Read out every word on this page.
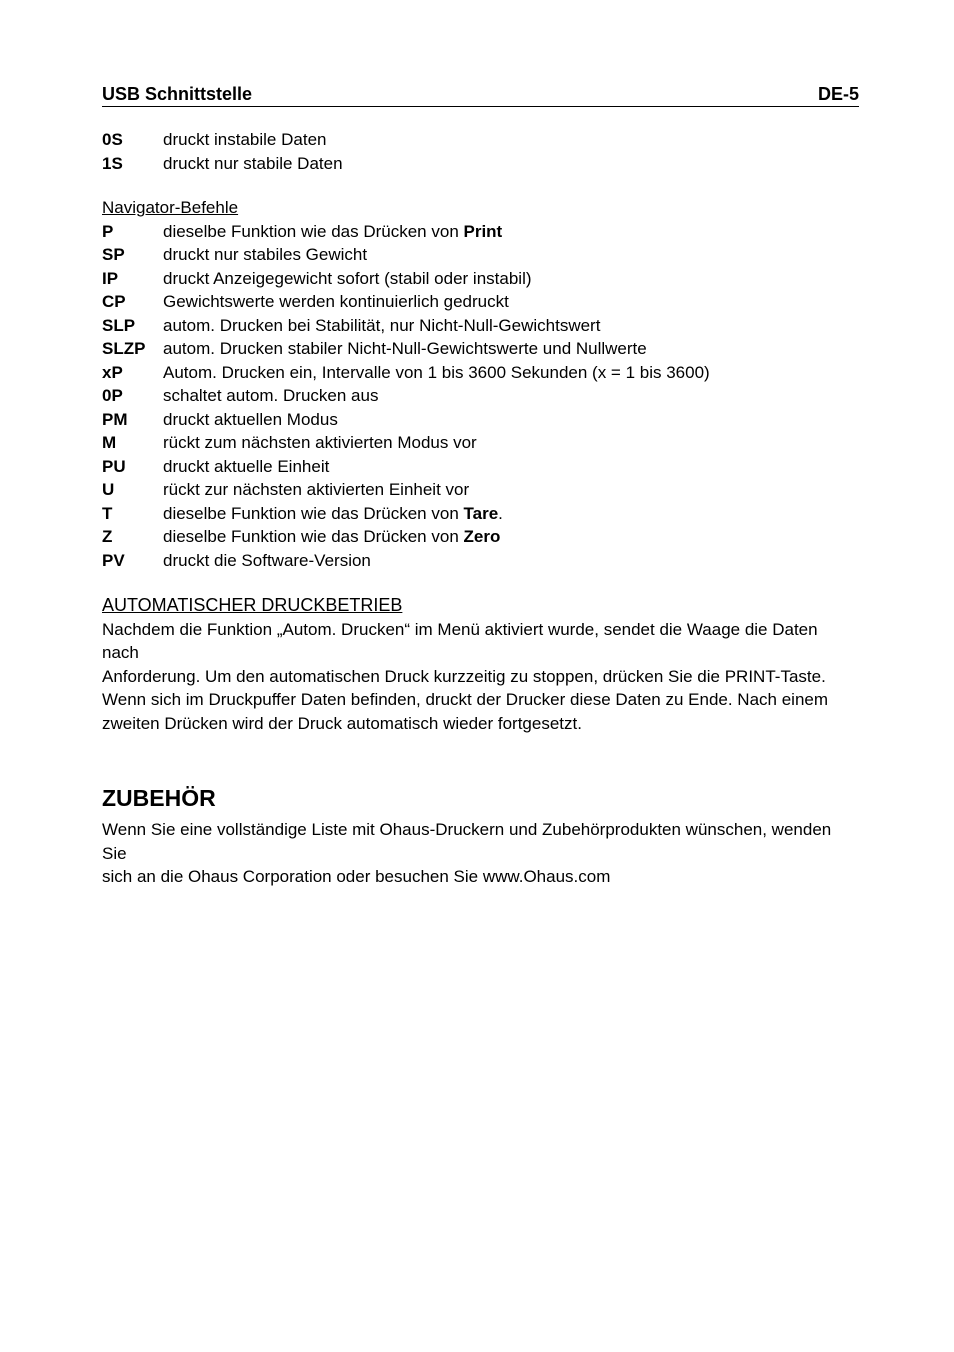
USB Schnittstelle	DE-5
0S	druckt instabile Daten
1S	druckt nur stabile Daten
Navigator-Befehle
P	dieselbe Funktion wie das Drücken von Print
SP	druckt nur stabiles Gewicht
IP	druckt Anzeigegewicht sofort (stabil oder instabil)
CP	Gewichtswerte werden kontinuierlich gedruckt
SLP	autom. Drucken bei Stabilität, nur Nicht-Null-Gewichtswert
SLZP	autom. Drucken stabiler Nicht-Null-Gewichtswerte und Nullwerte
xP	Autom. Drucken ein, Intervalle von 1 bis 3600 Sekunden (x = 1 bis 3600)
0P	schaltet autom. Drucken aus
PM	druckt aktuellen Modus
M	rückt zum nächsten aktivierten Modus vor
PU	druckt aktuelle Einheit
U	rückt zur nächsten aktivierten Einheit vor
T	dieselbe Funktion wie das Drücken von Tare.
Z	dieselbe Funktion wie das Drücken von Zero
PV	druckt die Software-Version
AUTOMATISCHER DRUCKBETRIEB

Nachdem die Funktion „Autom. Drucken“ im Menü aktiviert wurde, sendet die Waage die Daten nach

Anforderung. Um den automatischen Druck kurzzeitig zu stoppen, drücken Sie die PRINT-Taste.

Wenn sich im Druckpuffer Daten befinden, druckt der Drucker diese Daten zu Ende. Nach einem

zweiten Drücken wird der Druck automatisch wieder fortgesetzt.

ZUBEHÖR

Wenn Sie eine vollständige Liste mit Ohaus-Druckern und Zubehörprodukten wünschen, wenden Sie

sich an die Ohaus Corporation oder besuchen Sie www.Ohaus.com
